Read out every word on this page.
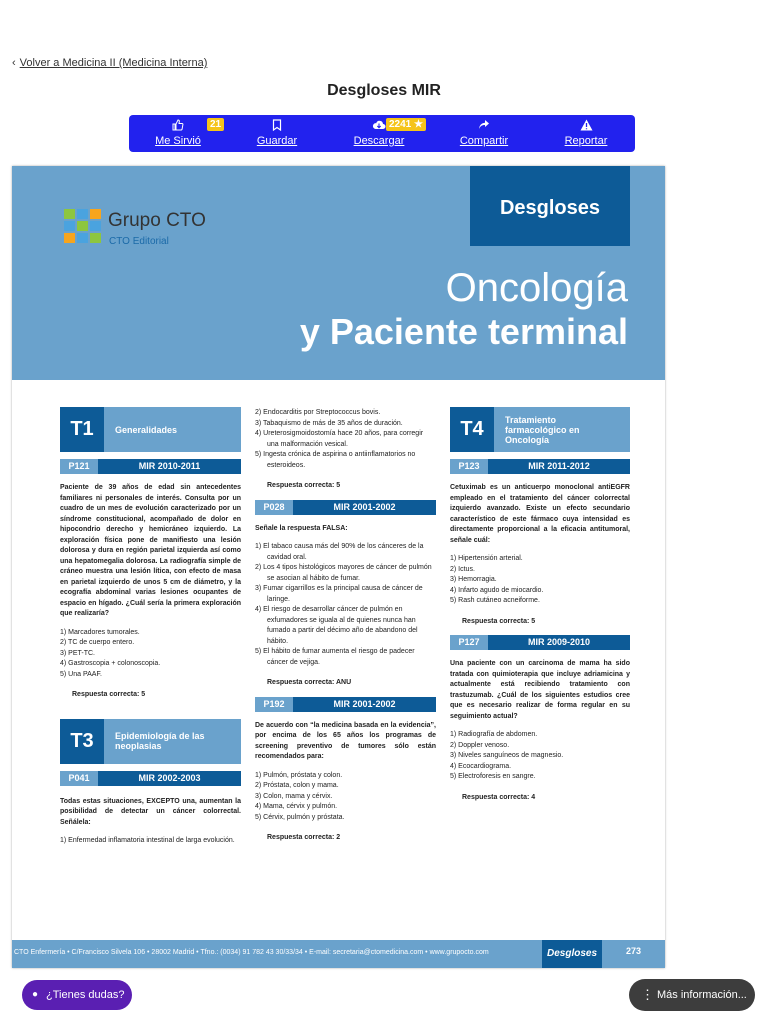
‹ Volver a Medicina II (Medicina Interna)
Desgloses MIR
Me Sirvió
21
Guardar	Descargar
2241 ★
Compartir	Reportar
Grupo CTO
CTO Editorial
Desgloses
Oncología
y Paciente terminal
T1	Generalidades
P121	MIR 2010-2011
Paciente de 39 años de edad sin antecedentes familiares ni personales de interés. Consulta por un cuadro de un mes de evolución caracterizado por un síndrome constitucional, acompañado de dolor en hipocondrio derecho y hemicráneo izquierdo. La exploración física pone de manifiesto una lesión dolorosa y dura en región parietal izquierda así como una hepatomegalia dolorosa. La radiografía simple de cráneo muestra una lesión lítica, con efecto de masa en parietal izquierdo de unos 5 cm de diámetro, y la ecografía abdominal varias lesiones ocupantes de espacio en hígado. ¿Cuál sería la primera exploración que realizaría?
1) Marcadores tumorales.
2) TC de cuerpo entero.
3) PET-TC.
4) Gastroscopia + colonoscopia.
5) Una PAAF.
Respuesta correcta: 5
T3	Epidemiología de las neoplasias
P041	MIR 2002-2003
Todas estas situaciones, EXCEPTO una, aumentan la posibilidad de detectar un cáncer colorrectal. Señálela:
1) Enfermedad inflamatoria intestinal de larga evolución.
2) Endocarditis por Streptococcus bovis.
3) Tabaquismo de más de 35 años de duración.
4) Ureterosigmoidostomía hace 20 años, para corregir una malformación vesical.
5) Ingesta crónica de aspirina o antiinflamatorios no esteroideos.
Respuesta correcta: 5
P028	MIR 2001-2002
Señale la respuesta FALSA:
1) El tabaco causa más del 90% de los cánceres de la cavidad oral.
2) Los 4 tipos histológicos mayores de cáncer de pulmón se asocian al hábito de fumar.
3) Fumar cigarrillos es la principal causa de cáncer de laringe.
4) El riesgo de desarrollar cáncer de pulmón en exfumadores se iguala al de quienes nunca han fumado a partir del décimo año de abandono del hábito.
5) El hábito de fumar aumenta el riesgo de padecer cáncer de vejiga.
Respuesta correcta: ANU
P192	MIR 2001-2002
De acuerdo con “la medicina basada en la evidencia”, por encima de los 65 años los programas de screening preventivo de tumores sólo están recomendados para:
1) Pulmón, próstata y colon.
2) Próstata, colon y mama.
3) Colon, mama y cérvix.
4) Mama, cérvix y pulmón.
5) Cérvix, pulmón y próstata.
Respuesta correcta: 2
T4	Tratamiento farmacológico en Oncología
P123	MIR 2011-2012
Cetuximab es un anticuerpo monoclonal antiEGFR empleado en el tratamiento del cáncer colorrectal izquierdo avanzado. Existe un efecto secundario característico de este fármaco cuya intensidad es directamente proporcional a la eficacia antitumoral, señale cuál:
1) Hipertensión arterial.
2) Ictus.
3) Hemorragia.
4) Infarto agudo de miocardio.
5) Rash cutáneo acneiforme.
Respuesta correcta: 5
P127	MIR 2009-2010
Una paciente con un carcinoma de mama ha sido tratada con quimioterapia que incluye adriamicina y actualmente está recibiendo tratamiento con trastuzumab. ¿Cuál de los siguientes estudios cree que es necesario realizar de forma regular en su seguimiento actual?
1) Radiografía de abdomen.
2) Doppler venoso.
3) Niveles sanguíneos de magnesio.
4) Ecocardiograma.
5) Electroforesis en sangre.
Respuesta correcta: 4
CTO Enfermería • C/Francisco Silvela 106 • 28002 Madrid • Tfno.: (0034) 91 782 43 30/33/34 • E-mail: secretaria@ctomedicina.com • www.grupocto.com	Desgloses	273
● ¿Tienes dudas?	⋮ Más información...
